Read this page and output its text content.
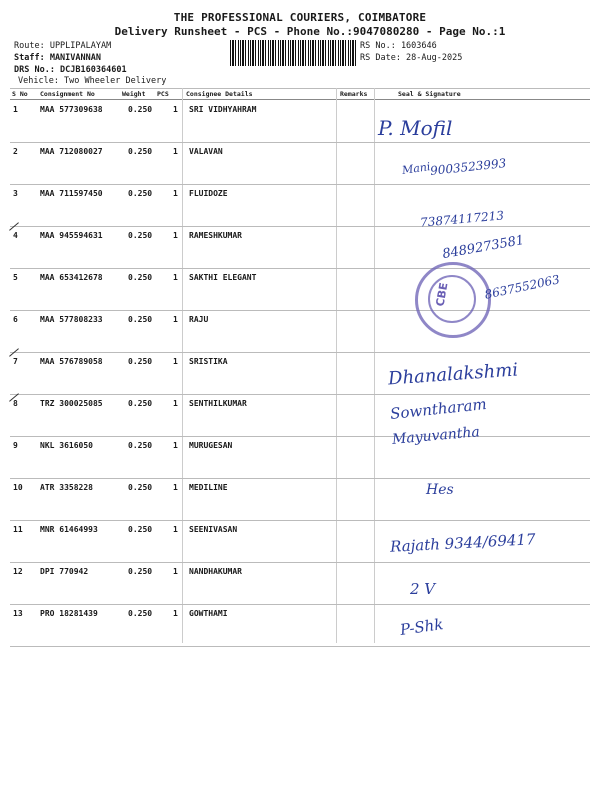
THE PROFESSIONAL COURIERS, COIMBATORE
Delivery Runsheet - PCS - Phone No.:9047080280 - Page No.:1
Route: UPPLIPALAYAM
Staff: MANIVANNAN
DRS No.: DCJB160364601
Vehicle: Two Wheeler Delivery
RS No.: 1603646
RS Date: 28-Aug-2025
S No Consignment No	Weight PCS	Consignee Details	Remarks	Seal & Signature
1	MAA 577309638	0.250	1 SRI VIDHYAHRAM
2	MAA 712080027	0.250	1 VALAVAN
3	MAA 711597450	0.250	1 FLUIDOZE
4	MAA 945594631	0.250	1 RAMESHKUMAR
5	MAA 653412678	0.250	1 SAKTHI ELEGANT
6	MAA 577808233	0.250	1 RAJU
7	MAA 576789058	0.250	1 SRISTIKA
8	TRZ 300025085	0.250	1 SENTHILKUMAR
9	NKL 3616050	0.250	1 MURUGESAN
10 ATR 3358228	0.250	1 MEDILINE
11 MNR 61464993	0.250	1 SEENIVASAN
12 DPI 770942	0.250	1 NANDHAKUMAR
13 PRO 18281439	0.250	1 GOWTHAMI
P. Mofil
Mani
9003523993
73874117213
8489273581
CBE	8637552063
Dhanalakshmi
Sowntharam
Mayuvantha
Hes
Rajath 9344/69417
2 V
P-Shk
